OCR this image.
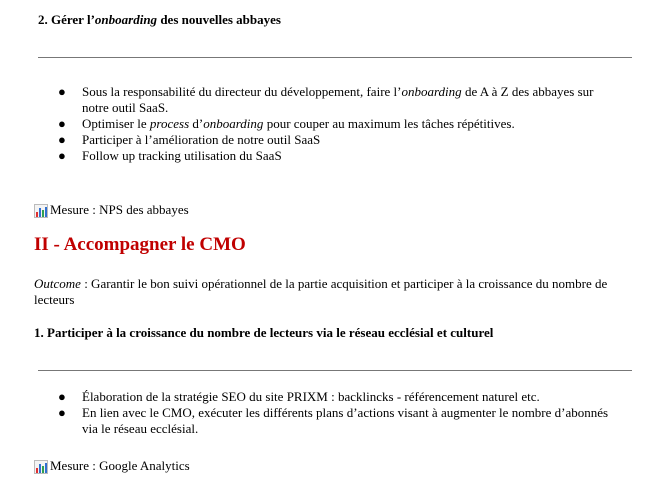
2. Gérer l’onboarding des nouvelles abbayes
● Sous la responsabilité du directeur du développement, faire l’onboarding de A à Z des abbayes sur notre outil SaaS.
● Optimiser le process d’onboarding pour couper au maximum les tâches répétitives.
● Participer à l’amélioration de notre outil SaaS
● Follow up tracking utilisation du SaaS
Mesure : NPS des abbayes
II - Accompagner le CMO
Outcome : Garantir le bon suivi opérationnel de la partie acquisition et participer à la croissance du nombre de lecteurs
1. Participer à la croissance du nombre de lecteurs via le réseau ecclésial et culturel
● Élaboration de la stratégie SEO du site PRIXM : backlincks - référencement naturel etc.
● En lien avec le CMO, exécuter les différents plans d’actions visant à augmenter le nombre d’abonnés via le réseau ecclésial.
Mesure : Google Analytics
